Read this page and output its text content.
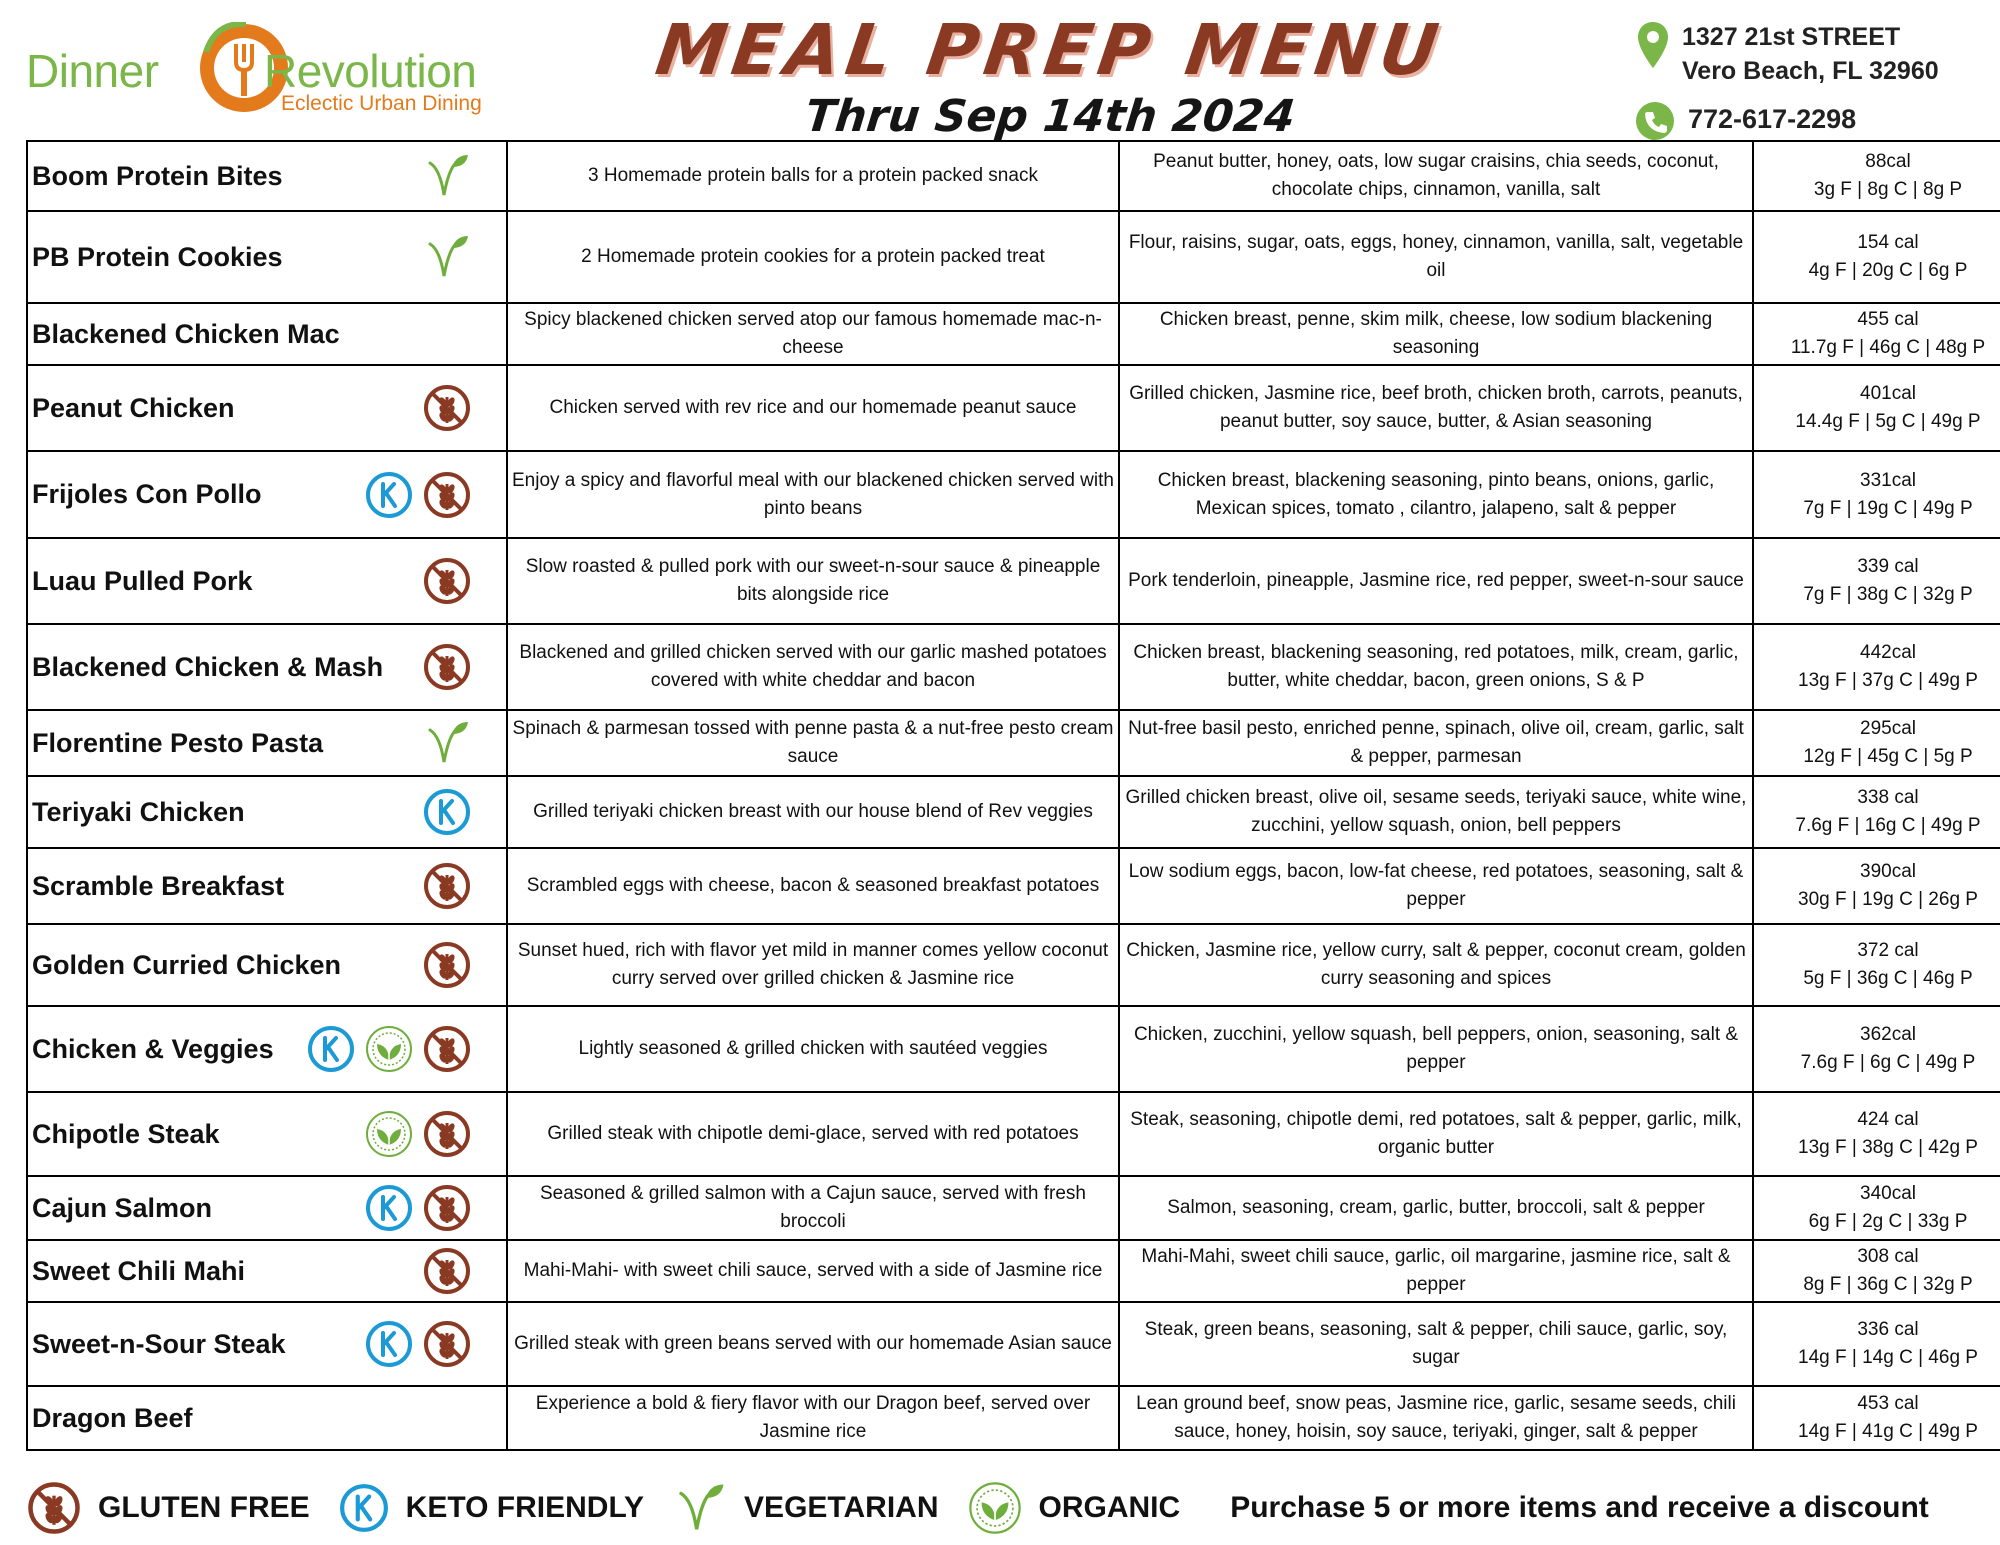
Dinner Revolution
Eclectic Urban Dining
MEAL PREP MENU
Thru Sep 14th 2024
1327 21st STREET
Vero Beach, FL 32960
772-617-2298
Boom Protein Bites	3 Homemade protein balls for a protein packed snack	Peanut butter, honey, oats, low sugar craisins, chia seeds, coconut, chocolate chips, cinnamon, vanilla, salt	88cal
3g F | 8g C | 8g P

PB Protein Cookies	2 Homemade protein cookies for a protein packed treat	Flour, raisins, sugar, oats, eggs, honey, cinnamon, vanilla, salt, vegetable oil	154 cal
4g F | 20g C | 6g P

Blackened Chicken Mac	Spicy blackened chicken served atop our famous homemade mac-n-cheese	Chicken breast, penne, skim milk, cheese, low sodium blackening seasoning	455 cal
11.7g F | 46g C | 48g P

Peanut Chicken	Chicken served with rev rice and our homemade peanut sauce	Grilled chicken, Jasmine rice, beef broth, chicken broth, carrots, peanuts, peanut butter, soy sauce, butter, & Asian seasoning	401cal
14.4g F | 5g C | 49g P

Frijoles Con Pollo	Enjoy a spicy and flavorful meal with our blackened chicken served with pinto beans	Chicken breast, blackening seasoning, pinto beans, onions, garlic, Mexican spices, tomato , cilantro, jalapeno, salt & pepper	331cal
7g F | 19g C | 49g P

Luau Pulled Pork	Slow roasted & pulled pork with our sweet-n-sour sauce & pineapple bits alongside rice	Pork tenderloin, pineapple, Jasmine rice, red pepper, sweet-n-sour sauce	339 cal
7g F | 38g C | 32g P

Blackened Chicken & Mash	Blackened and grilled chicken served with our garlic mashed potatoes covered with white cheddar and bacon	Chicken breast, blackening seasoning, red potatoes, milk, cream, garlic, butter, white cheddar, bacon, green onions, S & P	442cal
13g F | 37g C | 49g P

Florentine Pesto Pasta	Spinach & parmesan tossed with penne pasta & a nut-free pesto cream sauce	Nut-free basil pesto, enriched penne, spinach, olive oil, cream, garlic, salt & pepper, parmesan	295cal
12g F | 45g C | 5g P

Teriyaki Chicken	Grilled teriyaki chicken breast with our house blend of Rev veggies	Grilled chicken breast, olive oil, sesame seeds, teriyaki sauce, white wine, zucchini, yellow squash, onion, bell peppers	338 cal
7.6g F | 16g C | 49g P

Scramble Breakfast	Scrambled eggs with cheese, bacon & seasoned breakfast potatoes	Low sodium eggs, bacon, low-fat cheese, red potatoes, seasoning, salt & pepper	390cal
30g F | 19g C | 26g P

Golden Curried Chicken	Sunset hued, rich with flavor yet mild in manner comes yellow coconut curry served over grilled chicken & Jasmine rice	Chicken, Jasmine rice, yellow curry, salt & pepper, coconut cream, golden curry seasoning and spices	372 cal
5g F | 36g C | 46g P

Chicken & Veggies	Lightly seasoned & grilled chicken with sautéed veggies	Chicken, zucchini, yellow squash, bell peppers, onion, seasoning, salt & pepper	362cal
7.6g F | 6g C | 49g P

Chipotle Steak	Grilled steak with chipotle demi-glace, served with red potatoes	Steak, seasoning, chipotle demi, red potatoes, salt & pepper, garlic, milk, organic butter	424 cal
13g F | 38g C | 42g P

Cajun Salmon	Seasoned & grilled salmon with a Cajun sauce, served with fresh broccoli	Salmon, seasoning, cream, garlic, butter, broccoli, salt & pepper	340cal
6g F | 2g C | 33g P

Sweet Chili Mahi	Mahi-Mahi- with sweet chili sauce, served with a side of Jasmine rice	Mahi-Mahi, sweet chili sauce, garlic, oil margarine, jasmine rice, salt & pepper	308 cal
8g F | 36g C | 32g P

Sweet-n-Sour Steak	Grilled steak with green beans served with our homemade Asian sauce	Steak, green beans, seasoning, salt & pepper, chili sauce, garlic, soy, sugar	336 cal
14g F | 14g C | 46g P

Dragon Beef	Experience a bold & fiery flavor with our Dragon beef, served over Jasmine rice	Lean ground beef, snow peas, Jasmine rice, garlic, sesame seeds, chili sauce, honey, hoisin, soy sauce, teriyaki, ginger, salt & pepper	453 cal
14g F | 41g C | 49g P
GLUTEN FREE	KETO FRIENDLY	VEGETARIAN	ORGANIC Purchase 5 or more items and receive a discount
